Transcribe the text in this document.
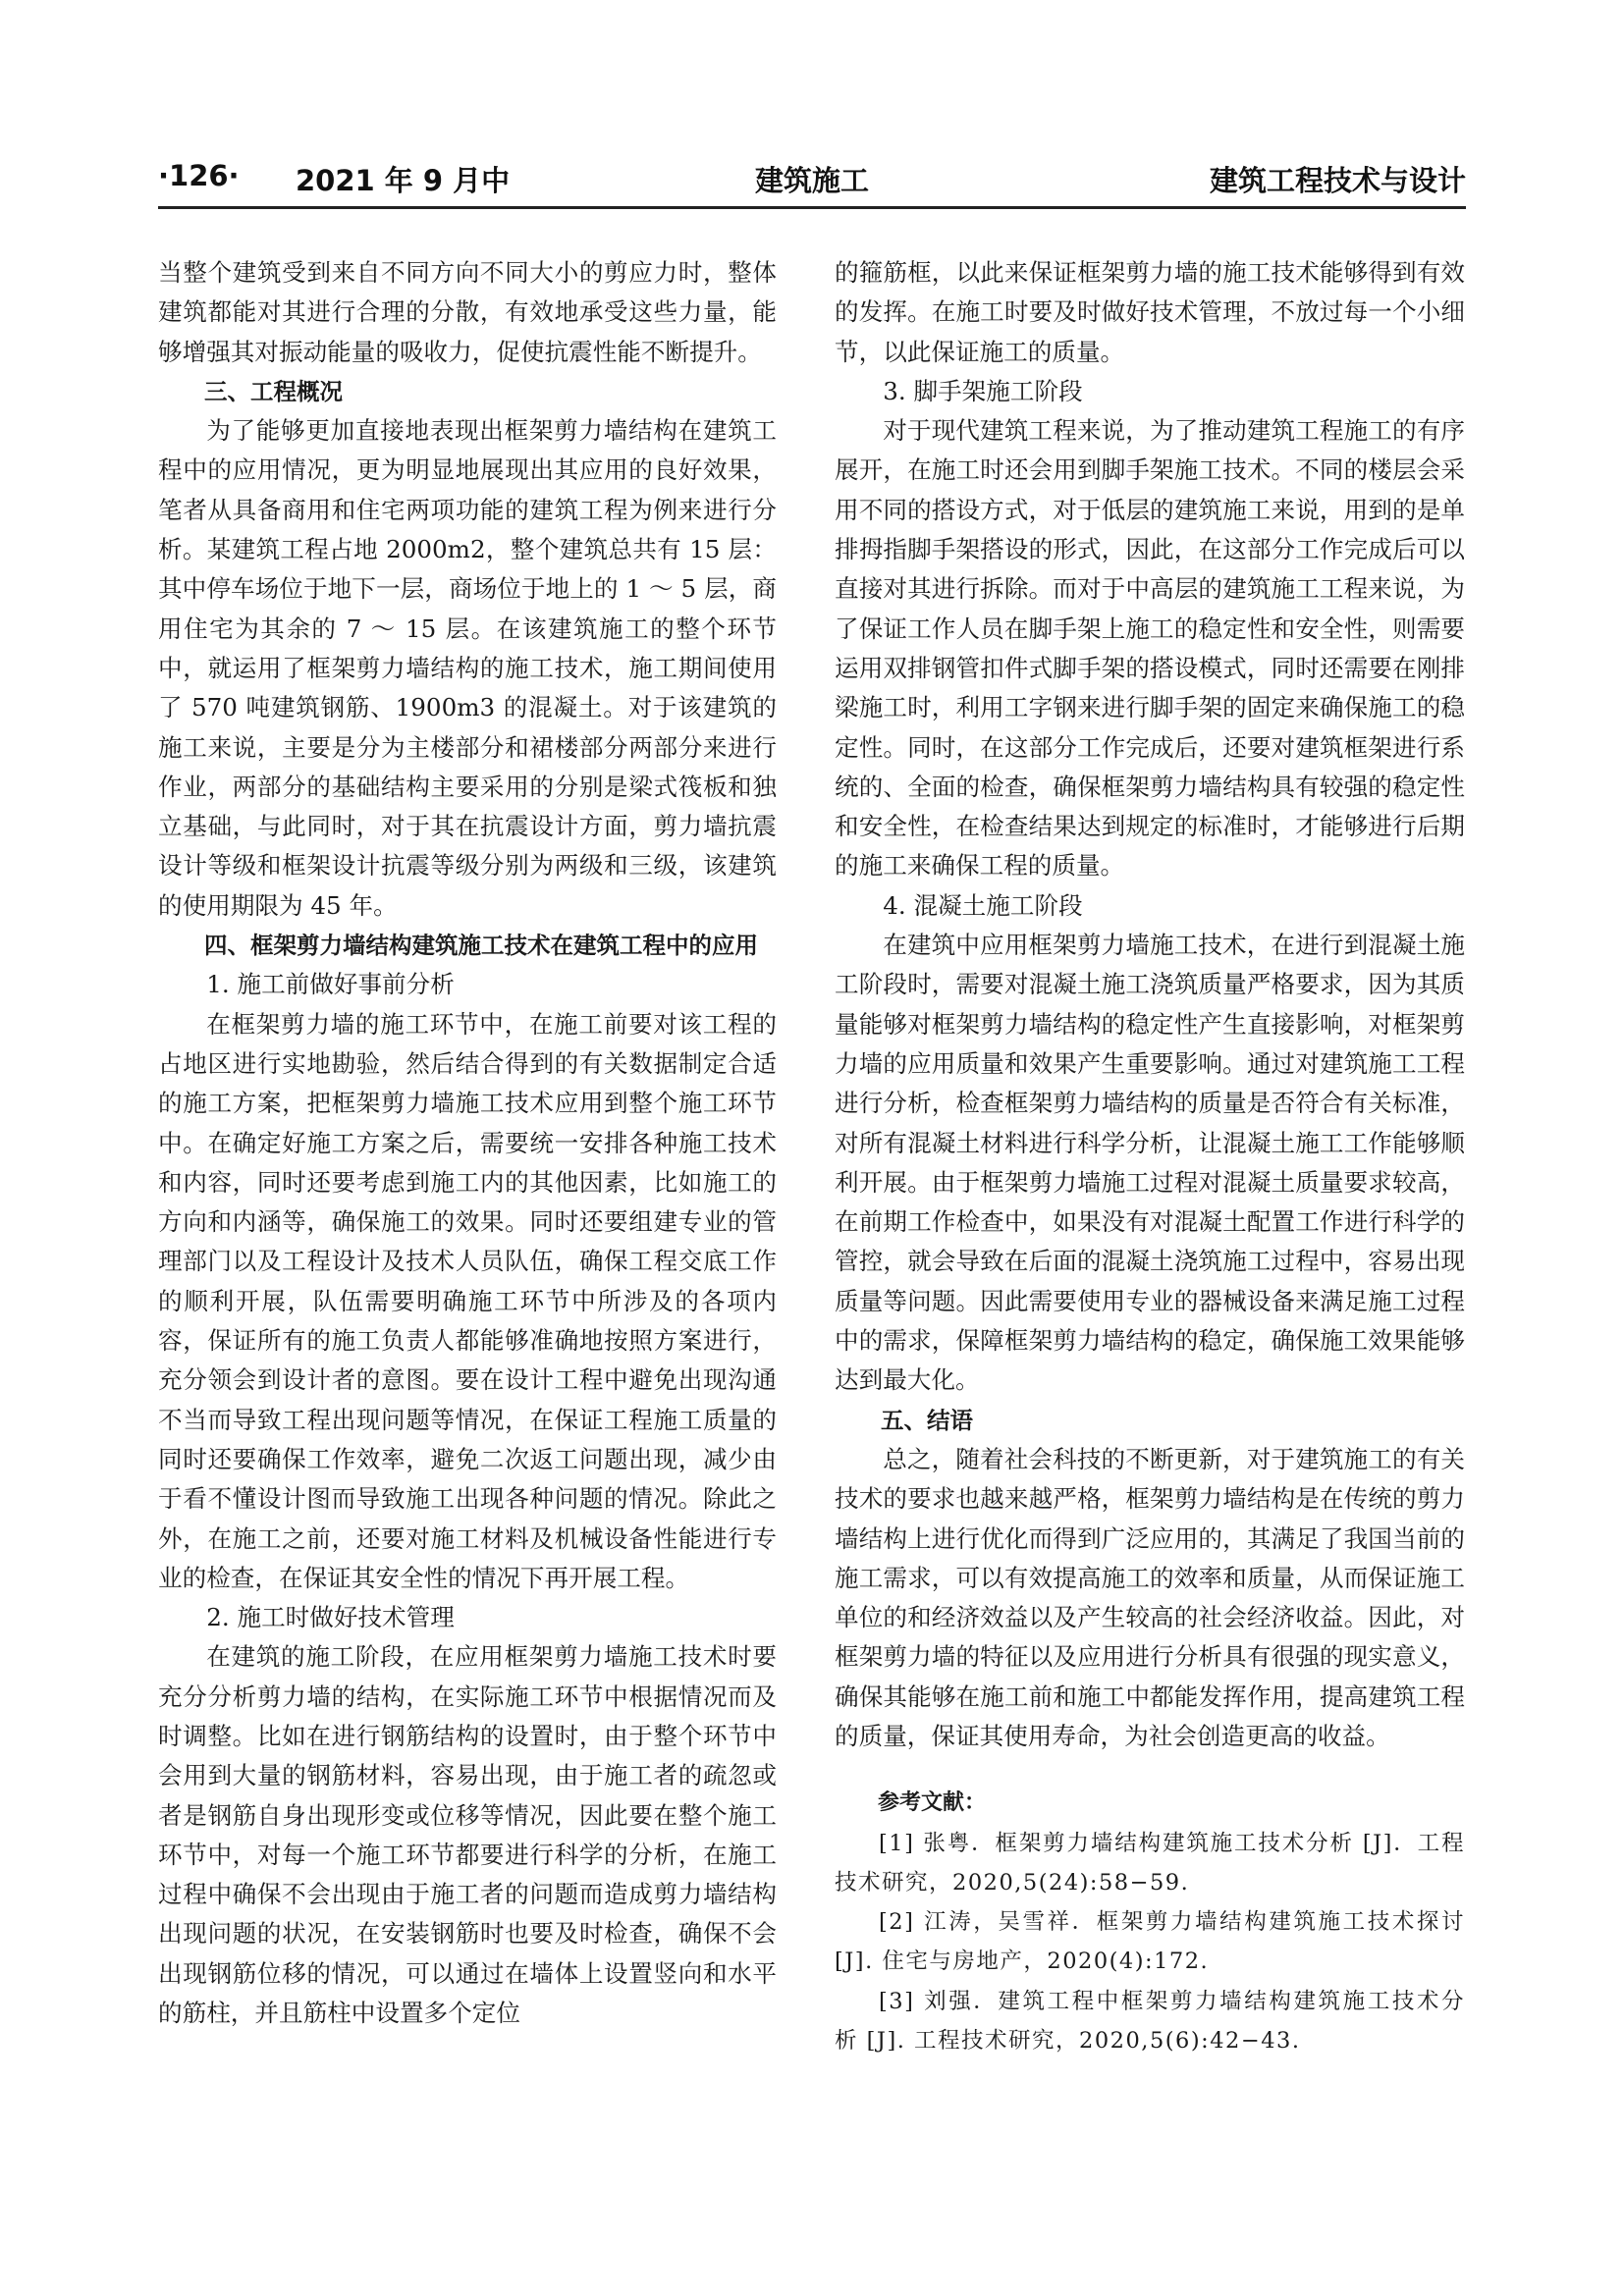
·126· 2021 年 9 月中	建筑施工	建筑工程技术与设计

当整个建筑受到来自不同方向不同大小的剪应力时，整体建筑都能对其进行合理的分散，有效地承受这些力量，能够增强其对振动能量的吸收力，促使抗震性能不断提升。

三、工程概况

为了能够更加直接地表现出框架剪力墙结构在建筑工程中的应用情况，更为明显地展现出其应用的良好效果，笔者从具备商用和住宅两项功能的建筑工程为例来进行分析。某建筑工程占地 2000m2，整个建筑总共有 15 层：其中停车场位于地下一层，商场位于地上的 1 ～ 5 层，商用住宅为其余的 7 ～ 15 层。在该建筑施工的整个环节中，就运用了框架剪力墙结构的施工技术，施工期间使用了 570 吨建筑钢筋、1900m3 的混凝土。对于该建筑的施工来说，主要是分为主楼部分和裙楼部分两部分来进行作业，两部分的基础结构主要采用的分别是梁式筏板和独立基础，与此同时，对于其在抗震设计方面，剪力墙抗震设计等级和框架设计抗震等级分别为两级和三级，该建筑的使用期限为 45 年。

四、框架剪力墙结构建筑施工技术在建筑工程中的应用
1. 施工前做好事前分析

在框架剪力墙的施工环节中，在施工前要对该工程的占地区进行实地勘验，然后结合得到的有关数据制定合适的施工方案，把框架剪力墙施工技术应用到整个施工环节中。在确定好施工方案之后，需要统一安排各种施工技术和内容，同时还要考虑到施工内的其他因素，比如施工的方向和内涵等，确保施工的效果。同时还要组建专业的管理部门以及工程设计及技术人员队伍，确保工程交底工作的顺利开展，队伍需要明确施工环节中所涉及的各项内容，保证所有的施工负责人都能够准确地按照方案进行，充分领会到设计者的意图。要在设计工程中避免出现沟通不当而导致工程出现问题等情况，在保证工程施工质量的同时还要确保工作效率，避免二次返工问题出现，减少由于看不懂设计图而导致施工出现各种问题的情况。除此之外，在施工之前，还要对施工材料及机械设备性能进行专业的检查，在保证其安全性的情况下再开展工程。

2. 施工时做好技术管理

在建筑的施工阶段，在应用框架剪力墙施工技术时要充分分析剪力墙的结构，在实际施工环节中根据情况而及时调整。比如在进行钢筋结构的设置时，由于整个环节中会用到大量的钢筋材料，容易出现，由于施工者的疏忽或者是钢筋自身出现形变或位移等情况，因此要在整个施工环节中，对每一个施工环节都要进行科学的分析，在施工过程中确保不会出现由于施工者的问题而造成剪力墙结构出现问题的状况，在安装钢筋时也要及时检查，确保不会出现钢筋位移的情况，可以通过在墙体上设置竖向和水平的筋柱，并且筋柱中设置多个定位

的箍筋框，以此来保证框架剪力墙的施工技术能够得到有效的发挥。在施工时要及时做好技术管理，不放过每一个小细节，以此保证施工的质量。

3. 脚手架施工阶段

对于现代建筑工程来说，为了推动建筑工程施工的有序展开，在施工时还会用到脚手架施工技术。不同的楼层会采用不同的搭设方式，对于低层的建筑施工来说，用到的是单排拇指脚手架搭设的形式，因此，在这部分工作完成后可以直接对其进行拆除。而对于中高层的建筑施工工程来说，为了保证工作人员在脚手架上施工的稳定性和安全性，则需要运用双排钢管扣件式脚手架的搭设模式，同时还需要在刚排梁施工时，利用工字钢来进行脚手架的固定来确保施工的稳定性。同时，在这部分工作完成后，还要对建筑框架进行系统的、全面的检查，确保框架剪力墙结构具有较强的稳定性和安全性，在检查结果达到规定的标准时，才能够进行后期的施工来确保工程的质量。

4. 混凝土施工阶段

在建筑中应用框架剪力墙施工技术，在进行到混凝土施工阶段时，需要对混凝土施工浇筑质量严格要求，因为其质量能够对框架剪力墙结构的稳定性产生直接影响，对框架剪力墙的应用质量和效果产生重要影响。通过对建筑施工工程进行分析，检查框架剪力墙结构的质量是否符合有关标准，对所有混凝土材料进行科学分析，让混凝土施工工作能够顺利开展。由于框架剪力墙施工过程对混凝土质量要求较高，在前期工作检查中，如果没有对混凝土配置工作进行科学的管控，就会导致在后面的混凝土浇筑施工过程中，容易出现质量等问题。因此需要使用专业的器械设备来满足施工过程中的需求，保障框架剪力墙结构的稳定，确保施工效果能够达到最大化。

五、结语

总之，随着社会科技的不断更新，对于建筑施工的有关技术的要求也越来越严格，框架剪力墙结构是在传统的剪力墙结构上进行优化而得到广泛应用的，其满足了我国当前的施工需求，可以有效提高施工的效率和质量，从而保证施工单位的和经济效益以及产生较高的社会经济收益。因此，对框架剪力墙的特征以及应用进行分析具有很强的现实意义，确保其能够在施工前和施工中都能发挥作用，提高建筑工程的质量，保证其使用寿命，为社会创造更高的收益。

参考文献：

[1] 张粤．框架剪力墙结构建筑施工技术分析 [J]．工程技术研究，2020,5(24):58−59.

[2] 江涛，吴雪祥．框架剪力墙结构建筑施工技术探讨 [J]. 住宅与房地产，2020(4):172.

[3] 刘强．建筑工程中框架剪力墙结构建筑施工技术分析 [J]. 工程技术研究，2020,5(6):42−43.
